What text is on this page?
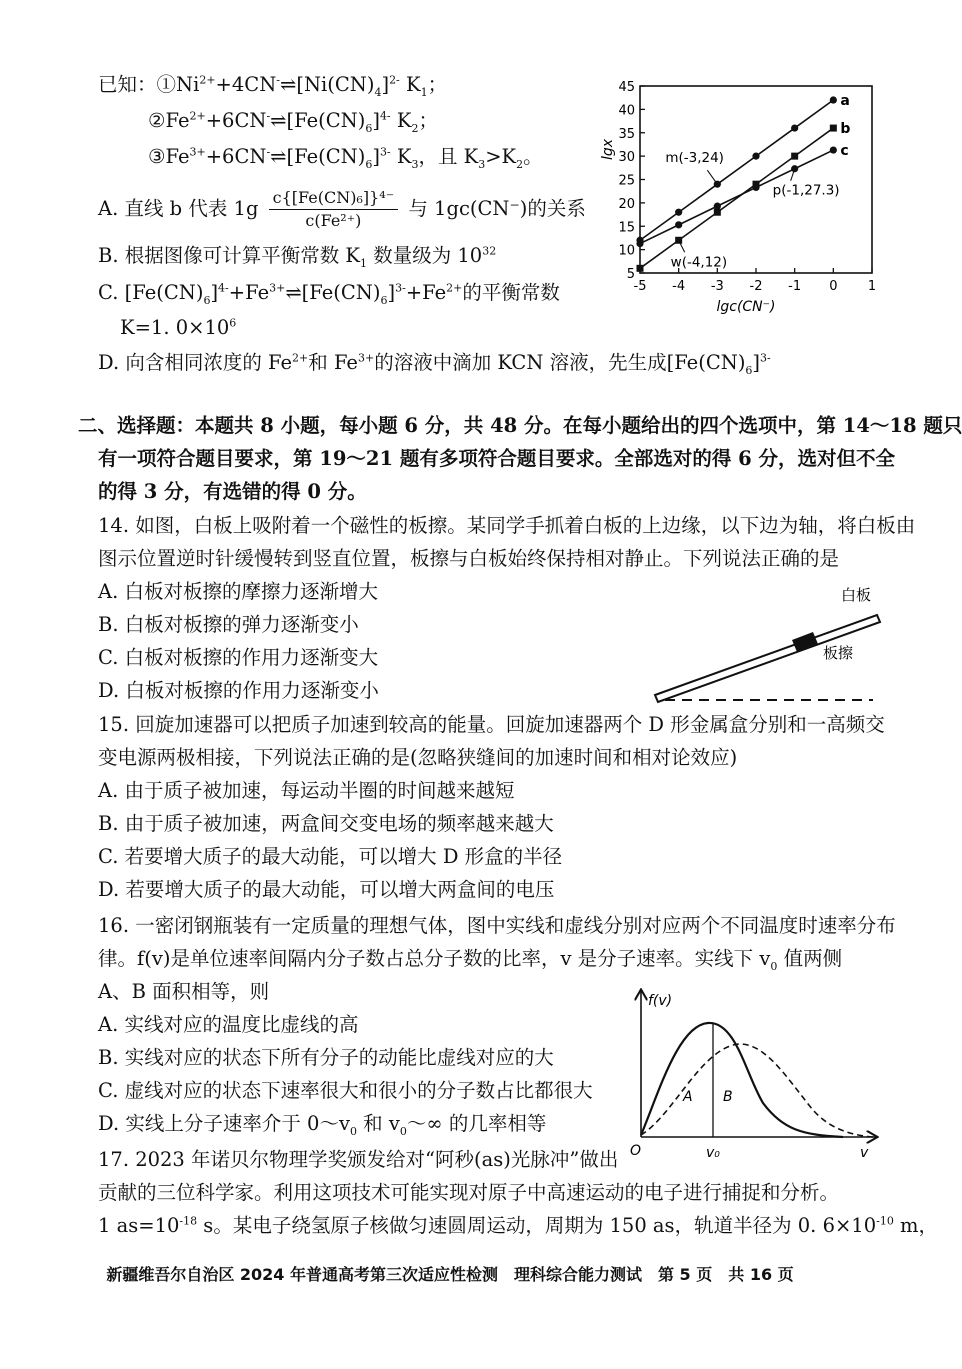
已知：$①Ni^{2+}+4CN^-\rightleftharpoons[Ni(CN)_4]^{2-}$ $K_1$；
$②Fe^{2+}+6CN^-\rightleftharpoons[Fe(CN)_6]^{4-}$ $K_2$；
$③Fe^{3+}+6CN^-\rightleftharpoons[Fe(CN)_6]^{3-}$ $K_3$，且 $K_3>K_2$。
A. 直线 b 代表 $1g \frac{\text{c\{[Fe(CN)₆]\}⁴⁻}}{\text{c(Fe²⁺)}}$ 与 1gc(CN⁻)的关系
B. 根据图像可计算平衡常数 $K_1$ 数量级为 $10^{32}$
C. $[Fe(CN)_6]^{4-}+Fe^{3+}\rightleftharpoons[Fe(CN)_6]^{3-}+Fe^{2+}$的平衡常数
K=1. $0\times 10^6$
D. 向含相同浓度的 $Fe^{2+}$和 $Fe^{3+}$的溶液中滴加 KCN 溶液，先生成$[Fe(CN)_6]^{3-}$
-5 -4 -3 -2 -1 0 1
5
10
15
20
25
30
35
40
45
lgc(CN⁻)
lgx
a
b
c
m(-3,24)
p(-1,27.3)
w(-4,12)
二、选择题：本题共 8 小题，每小题 6 分，共 48 分。在每小题给出的四个选项中，第 14～18 题只
有一项符合题目要求，第 19～21 题有多项符合题目要求。全部选对的得 6 分，选对但不全
的得 3 分，有选错的得 0 分。
14. 如图，白板上吸附着一个磁性的板擦。某同学手抓着白板的上边缘，以下边为轴，将白板由
图示位置逆时针缓慢转到竖直位置，板擦与白板始终保持相对静止。下列说法正确的是
A. 白板对板擦的摩擦力逐渐增大
B. 白板对板擦的弹力逐渐变小
C. 白板对板擦的作用力逐渐变大
D. 白板对板擦的作用力逐渐变小
白板
板擦
15. 回旋加速器可以把质子加速到较高的能量。回旋加速器两个 D 形金属盒分别和一高频交
变电源两极相接，下列说法正确的是(忽略狭缝间的加速时间和相对论效应)
A. 由于质子被加速，每运动半圈的时间越来越短
B. 由于质子被加速，两盒间交变电场的频率越来越大
C. 若要增大质子的最大动能，可以增大 D 形盒的半径
D. 若要增大质子的最大动能，可以增大两盒间的电压
16. 一密闭钢瓶装有一定质量的理想气体，图中实线和虚线分别对应两个不同温度时速率分布
律。f(v)是单位速率间隔内分子数占总分子数的比率，v 是分子速率。实线下 $v_0$ 值两侧
A、B 面积相等，则
A. 实线对应的温度比虚线的高
B. 实线对应的状态下所有分子的动能比虚线对应的大
C. 虚线对应的状态下速率很大和很小的分子数占比都很大
D. 实线上分子速率介于 $0\sim v_0$ 和 $v_0\sim\infty$ 的几率相等
f(v)
v
O	v₀
A B
17. 2023 年诺贝尔物理学奖颁发给对“阿秒(as)光脉冲”做出
贡献的三位科学家。利用这项技术可能实现对原子中高速运动的电子进行捕捉和分析。
1 $as=10^{-18}$ s。某电子绕氢原子核做匀速圆周运动，周期为 150 as，轨道半径为 0. $6\times 10^{-10}$ m，
新疆维吾尔自治区 2024 年普通高考第三次适应性检测　理科综合能力测试　第 5 页　共 16 页
